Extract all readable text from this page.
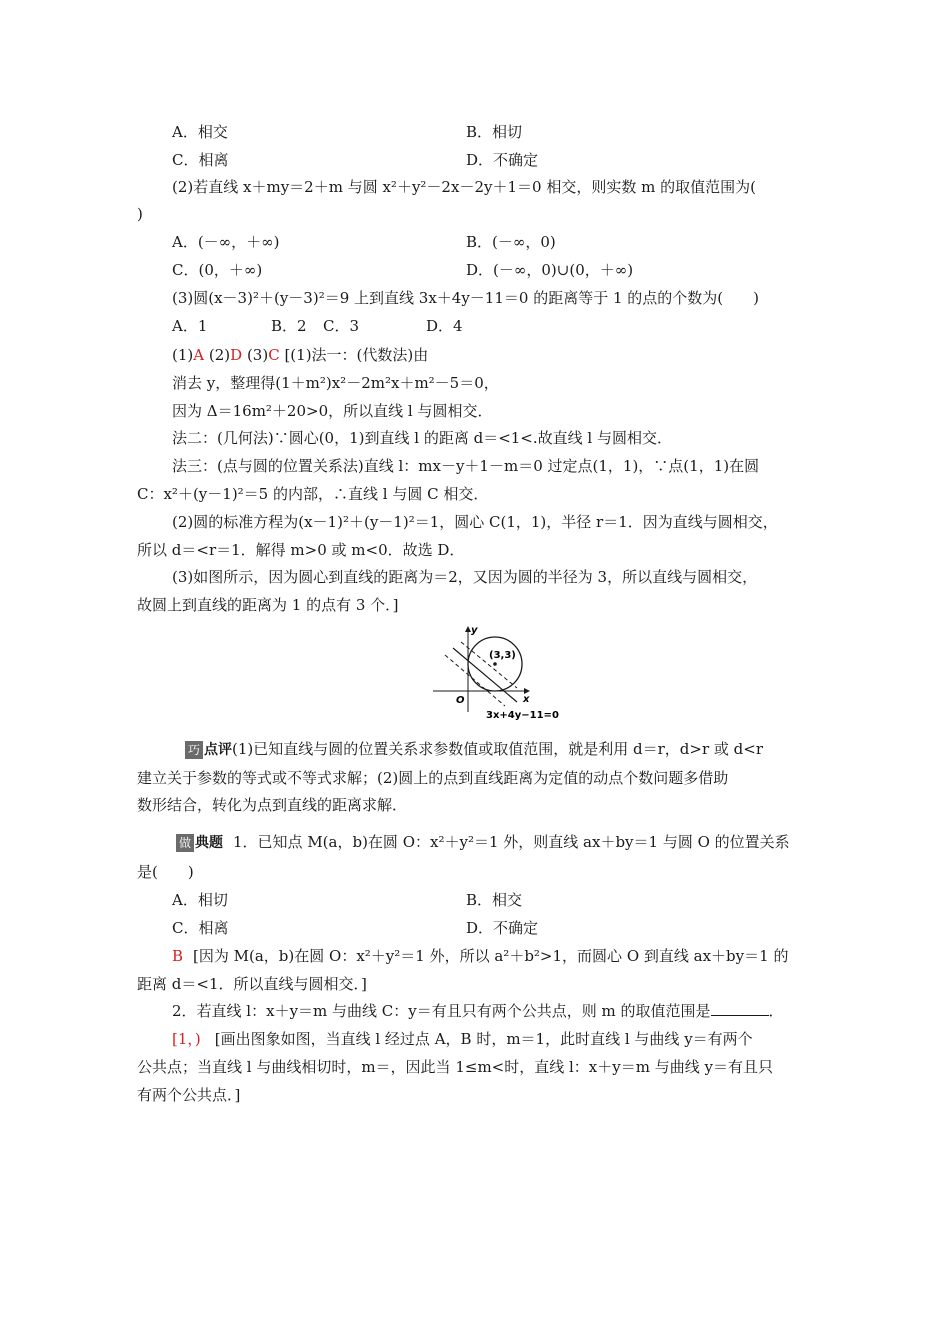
A．相交	B．相切
C．相离	D．不确定
(2)若直线 x＋my＝2＋m 与圆 x²＋y²－2x－2y＋1＝0 相交，则实数 m 的取值范围为(
)
A．(－∞，＋∞)	B．(－∞，0)
C．(0，＋∞)	D．(－∞，0)∪(0，＋∞)
(3)圆(x－3)²＋(y－3)²＝9 上到直线 3x＋4y－11＝0 的距离等于 1 的点的个数为(　　)
A．1	B．2 C．3	D．4
(1)A (2)D (3)C [(1)法一：(代数法)由
消去 y，整理得(1＋m²)x²－2m²x＋m²－5＝0，
因为 Δ＝16m²＋20>0，所以直线 l 与圆相交．
法二：(几何法)∵圆心(0，1)到直线 l 的距离 d＝<1<.故直线 l 与圆相交．
法三：(点与圆的位置关系法)直线 l：mx－y＋1－m＝0 过定点(1，1)，∵点(1，1)在圆
C：x²＋(y－1)²＝5 的内部，∴直线 l 与圆 C 相交．
(2)圆的标准方程为(x－1)²＋(y－1)²＝1，圆心 C(1，1)，半径 r＝1．因为直线与圆相交，
所以 d＝<r＝1．解得 m>0 或 m<0．故选 D．
(3)如图所示，因为圆心到直线的距离为＝2，又因为圆的半径为 3，所以直线与圆相交，
故圆上到直线的距离为 1 的点有 3 个．]
y
x
O
(3,3)
3x+4y−11=0
巧 点评(1)已知直线与圆的位置关系求参数值或取值范围，就是利用 d＝r，d>r 或 d<r
建立关于参数的等式或不等式求解；(2)圆上的点到直线距离为定值的动点个数问题多借助
数形结合，转化为点到直线的距离求解．
做 典题 1．已知点 M(a，b)在圆 O：x²＋y²＝1 外，则直线 ax＋by＝1 与圆 O 的位置关系
是(　　)
A．相切	B．相交
C．相离	D．不确定
B [因为 M(a，b)在圆 O：x²＋y²＝1 外，所以 a²＋b²>1，而圆心 O 到直线 ax＋by＝1 的
距离 d＝<1．所以直线与圆相交．]
2．若直线 l：x＋y＝m 与曲线 C：y＝有且只有两个公共点，则 m 的取值范围是	．
[1，) [画出图象如图，当直线 l 经过点 A，B 时，m＝1，此时直线 l 与曲线 y＝有两个
公共点；当直线 l 与曲线相切时，m＝，因此当 1≤m<时，直线 l：x＋y＝m 与曲线 y＝有且只
有两个公共点．]
